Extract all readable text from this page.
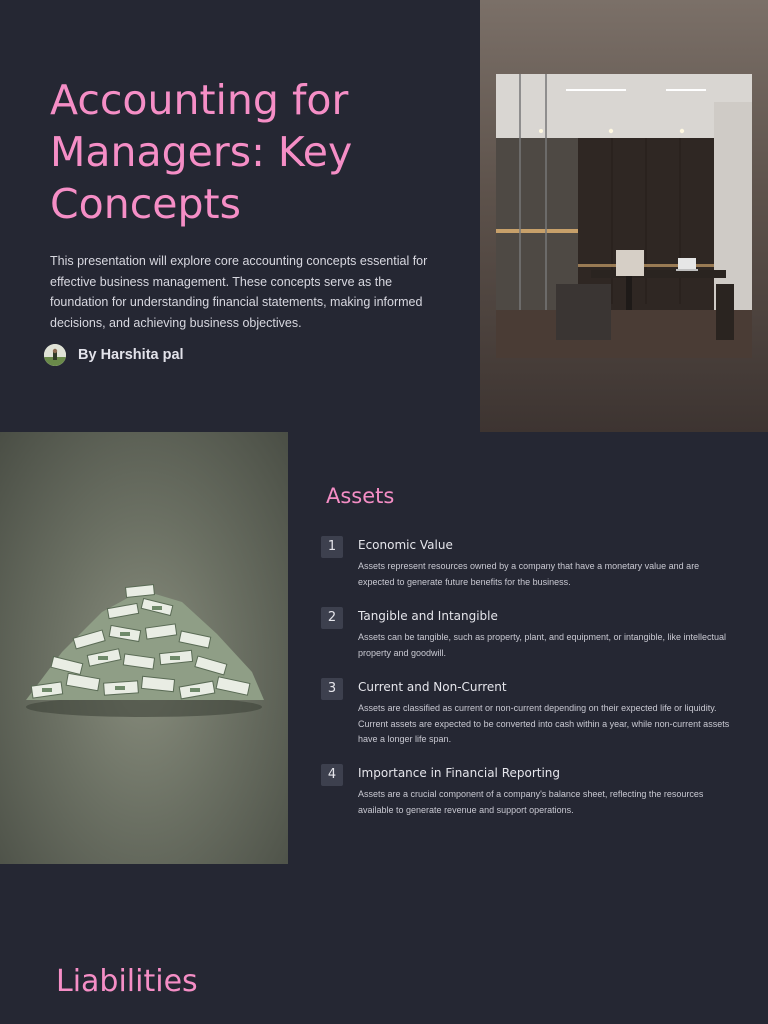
Accounting for Managers: Key Concepts

This presentation will explore core accounting concepts essential for effective business management. These concepts serve as the foundation for understanding financial statements, making informed decisions, and achieving business objectives.

By Harshita pal
Assets
1	Economic Value
Assets represent resources owned by a company that have a monetary value and are expected to generate future benefits for the business.
2	Tangible and Intangible
Assets can be tangible, such as property, plant, and equipment, or intangible, like intellectual property and goodwill.
3	Current and Non-Current
Assets are classified as current or non-current depending on their expected life or liquidity. Current assets are expected to be converted into cash within a year, while non-current assets have a longer life span.
4	Importance in Financial Reporting
Assets are a crucial component of a company's balance sheet, reflecting the resources available to generate revenue and support operations.
Liabilities
